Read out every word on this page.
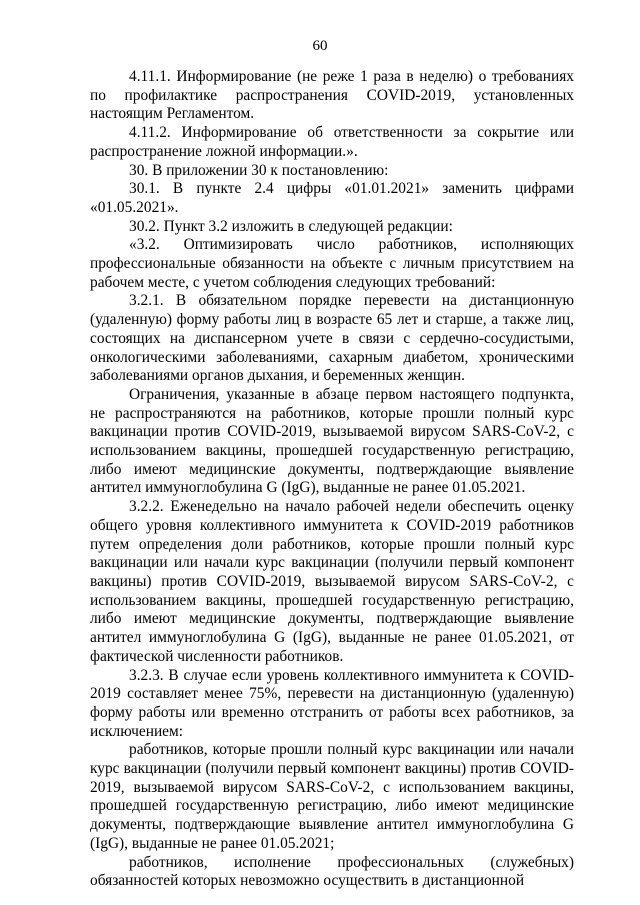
60

4.11.1. Информирование (не реже 1 раза в неделю) о требованиях по профилактике распространения COVID-2019, установленных настоящим Регламентом.

4.11.2. Информирование об ответственности за сокрытие или распространение ложной информации.».

30. В приложении 30 к постановлению:

30.1. В пункте 2.4 цифры «01.01.2021» заменить цифрами «01.05.2021».

30.2. Пункт 3.2 изложить в следующей редакции:

«3.2. Оптимизировать число работников, исполняющих профессиональные обязанности на объекте с личным присутствием на рабочем месте, с учетом соблюдения следующих требований:

3.2.1. В обязательном порядке перевести на дистанционную (удаленную) форму работы лиц в возрасте 65 лет и старше, а также лиц, состоящих на диспансерном учете в связи с сердечно-сосудистыми, онкологическими заболеваниями, сахарным диабетом, хроническими заболеваниями органов дыхания, и беременных женщин.

Ограничения, указанные в абзаце первом настоящего подпункта, не распространяются на работников, которые прошли полный курс вакцинации против COVID-2019, вызываемой вирусом SARS-CoV-2, с использованием вакцины, прошедшей государственную регистрацию, либо имеют медицинские документы, подтверждающие выявление антител иммуноглобулина G (IgG), выданные не ранее 01.05.2021.

3.2.2. Еженедельно на начало рабочей недели обеспечить оценку общего уровня коллективного иммунитета к COVID-2019 работников путем определения доли работников, которые прошли полный курс вакцинации или начали курс вакцинации (получили первый компонент вакцины) против COVID-2019, вызываемой вирусом SARS-CoV-2, с использованием вакцины, прошедшей государственную регистрацию, либо имеют медицинские документы, подтверждающие выявление антител иммуноглобулина G (IgG), выданные не ранее 01.05.2021, от фактической численности работников.

3.2.3. В случае если уровень коллективного иммунитета к COVID-2019 составляет менее 75%, перевести на дистанционную (удаленную) форму работы или временно отстранить от работы всех работников, за исключением:

работников, которые прошли полный курс вакцинации или начали курс вакцинации (получили первый компонент вакцины) против COVID-2019, вызываемой вирусом SARS-CoV-2, с использованием вакцины, прошедшей государственную регистрацию, либо имеют медицинские документы, подтверждающие выявление антител иммуноглобулина G (IgG), выданные не ранее 01.05.2021;

работников, исполнение профессиональных (служебных) обязанностей которых невозможно осуществить в дистанционной
